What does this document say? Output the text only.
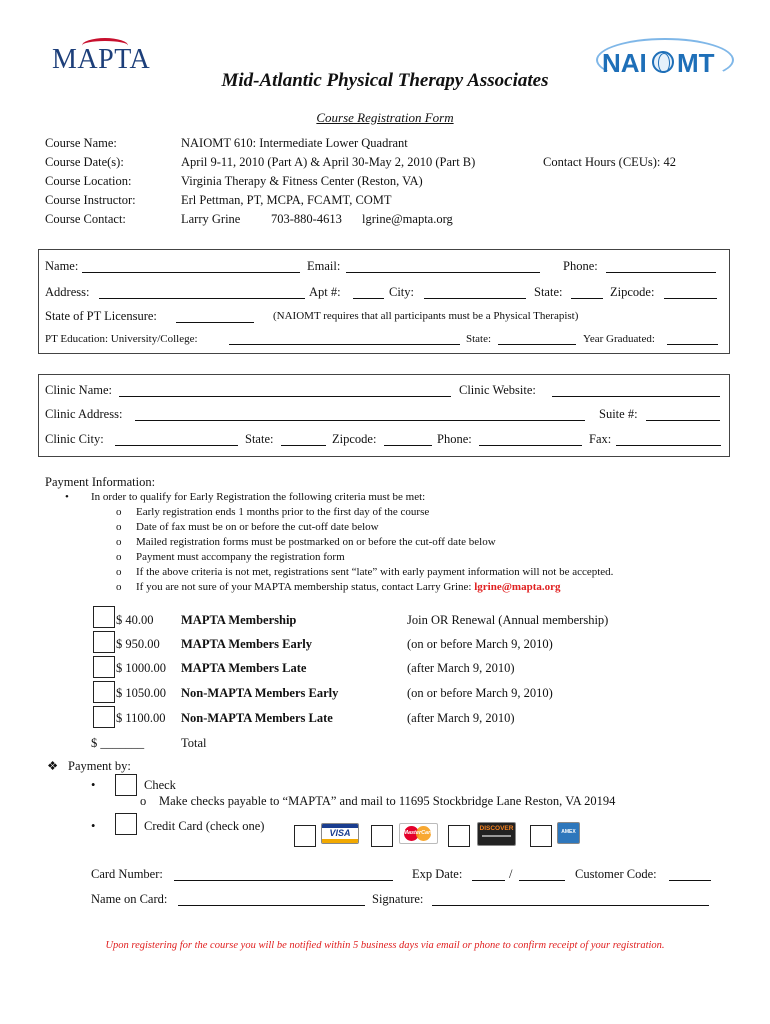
MAPTA	NAI MT
Mid-Atlantic Physical Therapy Associates
Course Registration Form
Course Name:	NAIOMT 610: Intermediate Lower Quadrant
Course Date(s):	April 9-11, 2010 (Part A) & April 30-May 2, 2010 (Part B)	Contact Hours (CEUs): 42
Course Location:	Virginia Therapy & Fitness Center (Reston, VA)
Course Instructor:	Erl Pettman, PT, MCPA, FCAMT, COMT
Course Contact:	Larry Grine 703-880-4613 lgrine@mapta.org
Name:	Email:	Phone:
Address:	Apt #:	City:	State:	Zipcode:
State of PT Licensure:	(NAIOMT requires that all participants must be a Physical Therapist)
PT Education: University/College:	State:	Year Graduated:
Clinic Name:	Clinic Website:
Clinic Address:	Suite #:
Clinic City:	State:	Zipcode:	Phone:	Fax:
Payment Information:
• In order to qualify for Early Registration the following criteria must be met:
o Early registration ends 1 months prior to the first day of the course
o Date of fax must be on or before the cut-off date below
o Mailed registration forms must be postmarked on or before the cut-off date below
o Payment must accompany the registration form
o If the above criteria is not met, registrations sent “late” with early payment information will not be accepted.
o If you are not sure of your MAPTA membership status, contact Larry Grine: lgrine@mapta.org
$ 40.00 MAPTA Membership	Join OR Renewal (Annual membership)
$ 950.00 MAPTA Members Early	(on or before March 9, 2010)
$ 1000.00 MAPTA Members Late	(after March 9, 2010)
$ 1050.00 Non-MAPTA Members Early	(on or before March 9, 2010)
$ 1100.00 Non-MAPTA Members Late	(after March 9, 2010)
$ _______	Total
❖ Payment by:
•	Check
o Make checks payable to “MAPTA” and mail to 11695 Stockbridge Lane Reston, VA 20194
•	Credit Card (check one)	VISA	MasterCard
DISCOVER	AMEX
Card Number:	Exp Date:	/	Customer Code:
Name on Card:	Signature:
Upon registering for the course you will be notified within 5 business days via email or phone to confirm receipt of your registration.
